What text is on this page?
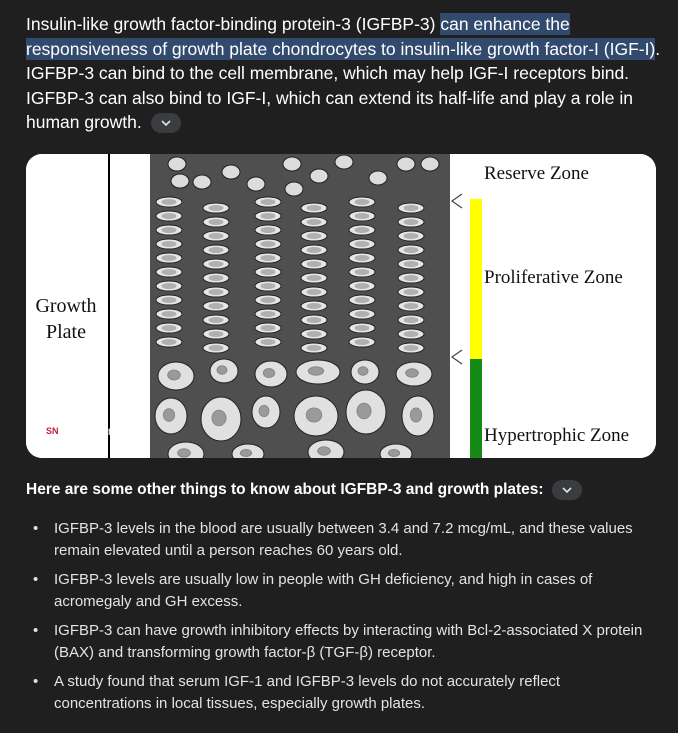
Insulin-like growth factor-binding protein-3 (IGFBP-3) can enhance the responsiveness of growth plate chondrocytes to insulin-like growth factor-I (IGF-I). IGFBP-3 can bind to the cell membrane, which may help IGF-I receptors bind. IGFBP-3 can also bind to IGF-I, which can extend its half-life and play a role in human growth.
Reserve Zone
Proliferative Zone
Hypertrophic Zone
Growth
Plate
SN SpringerLink
Here are some other things to know about IGFBP-3 and growth plates:
• IGFBP-3 levels in the blood are usually between 3.4 and 7.2 mcg/mL, and these values remain elevated until a person reaches 60 years old.
• IGFBP-3 levels are usually low in people with GH deficiency, and high in cases of acromegaly and GH excess.
• IGFBP-3 can have growth inhibitory effects by interacting with Bcl-2-associated X protein (BAX) and transforming growth factor-β (TGF-β) receptor.
• A study found that serum IGF-1 and IGFBP-3 levels do not accurately reflect concentrations in local tissues, especially growth plates.
